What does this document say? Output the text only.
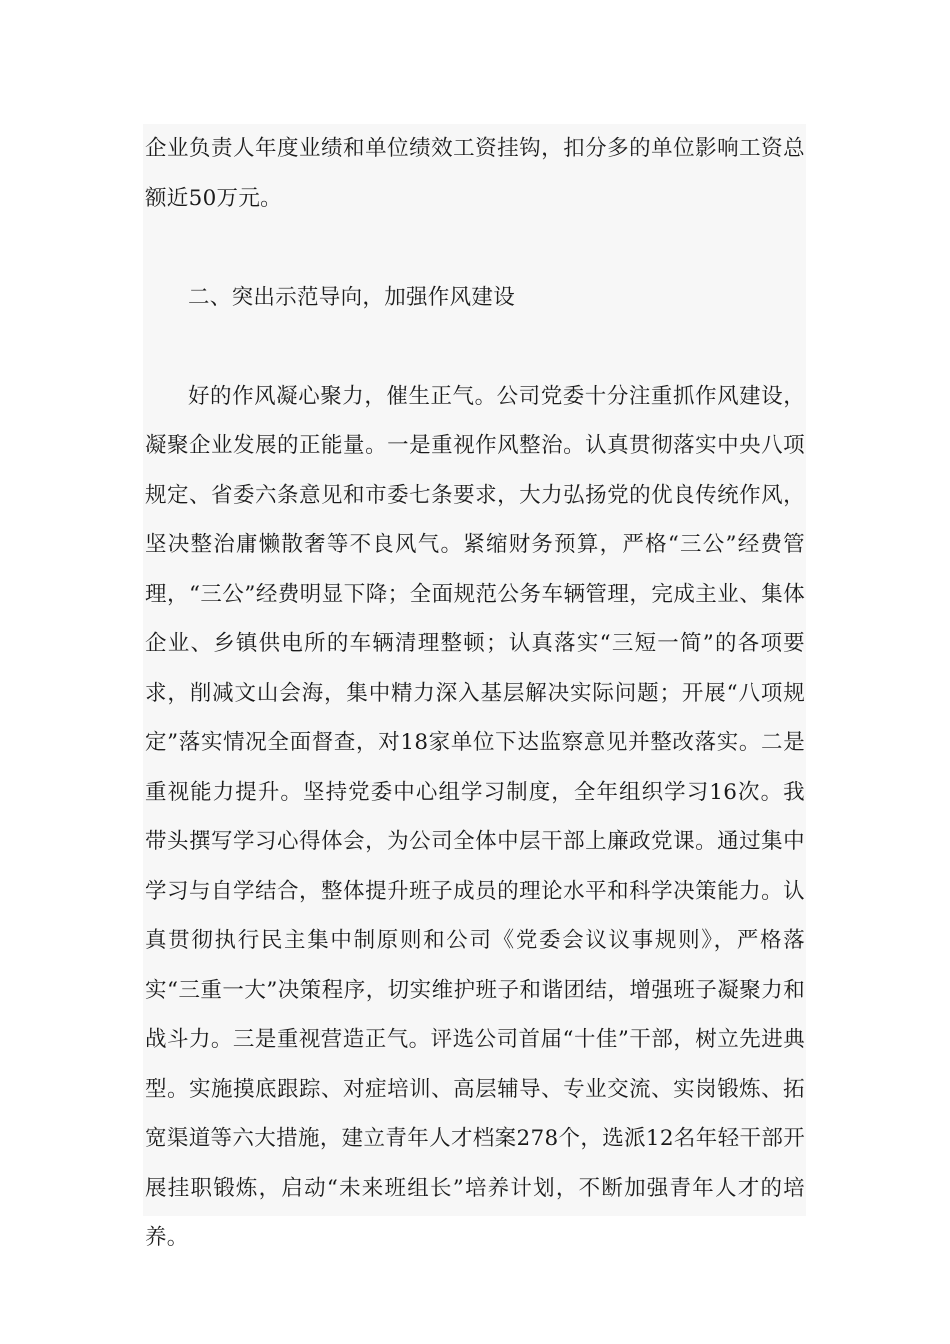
企业负责人年度业绩和单位绩效工资挂钩，扣分多的单位影响工资总额近50万元。

二、突出示范导向，加强作风建设

好的作风凝心聚力，催生正气。公司党委十分注重抓作风建设，凝聚企业发展的正能量。一是重视作风整治。认真贯彻落实中央八项规定、省委六条意见和市委七条要求，大力弘扬党的优良传统作风，坚决整治庸懒散奢等不良风气。紧缩财务预算，严格“三公”经费管理，“三公”经费明显下降；全面规范公务车辆管理，完成主业、集体企业、乡镇供电所的车辆清理整顿；认真落实“三短一简”的各项要求，削减文山会海，集中精力深入基层解决实际问题；开展“八项规定”落实情况全面督查，对18家单位下达监察意见并整改落实。二是重视能力提升。坚持党委中心组学习制度，全年组织学习16次。我带头撰写学习心得体会，为公司全体中层干部上廉政党课。通过集中学习与自学结合，整体提升班子成员的理论水平和科学决策能力。认真贯彻执行民主集中制原则和公司《党委会议议事规则》，严格落实“三重一大”决策程序，切实维护班子和谐团结，增强班子凝聚力和战斗力。三是重视营造正气。评选公司首届“十佳”干部，树立先进典型。实施摸底跟踪、对症培训、高层辅导、专业交流、实岗锻炼、拓宽渠道等六大措施，建立青年人才档案278个，选派12名年轻干部开展挂职锻炼，启动“未来班组长”培养计划，不断加强青年人才的培养。
